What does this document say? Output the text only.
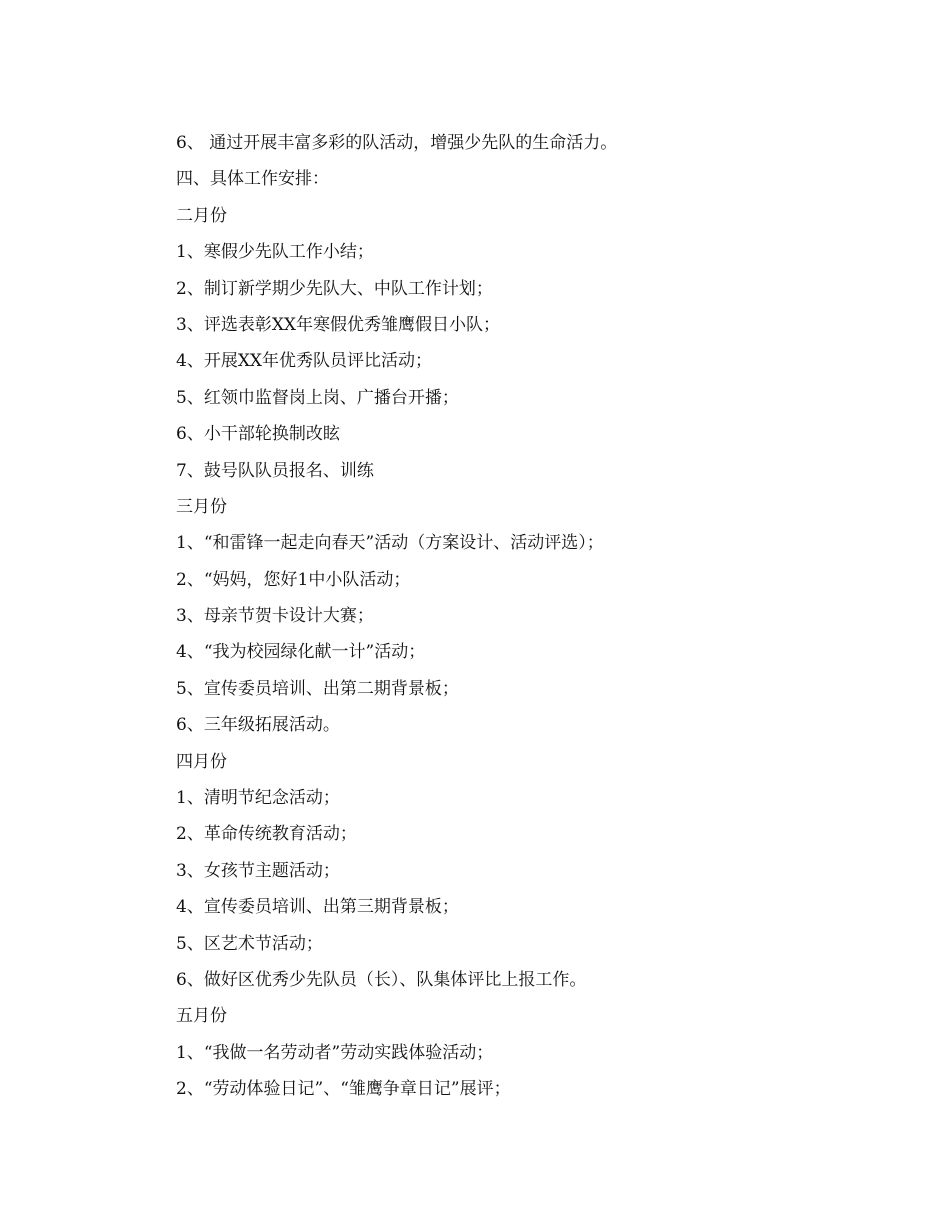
6、 通过开展丰富多彩的队活动，增强少先队的生命活力。

四、具体工作安排：

二月份

1、寒假少先队工作小结；

2、制订新学期少先队大、中队工作计划；

3、评选表彰XX年寒假优秀雏鹰假日小队；

4、开展XX年优秀队员评比活动；

5、红领巾监督岗上岗、广播台开播；

6、小干部轮换制改眩

7、鼓号队队员报名、训练

三月份

1、“和雷锋一起走向春天”活动（方案设计、活动评选）；

2、“妈妈，您好1中小队活动；

3、母亲节贺卡设计大赛；

4、“我为校园绿化献一计”活动；

5、宣传委员培训、出第二期背景板；

6、三年级拓展活动。

四月份

1、清明节纪念活动；

2、革命传统教育活动；

3、女孩节主题活动；

4、宣传委员培训、出第三期背景板；

5、区艺术节活动；

6、做好区优秀少先队员（长）、队集体评比上报工作。

五月份

1、“我做一名劳动者”劳动实践体验活动；

2、“劳动体验日记”、“雏鹰争章日记”展评；
